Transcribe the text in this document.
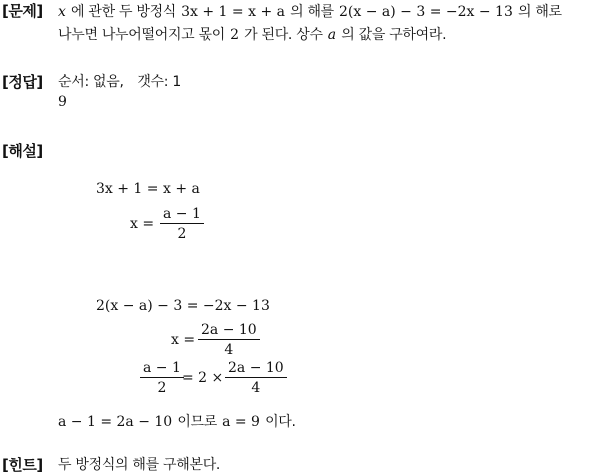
[문제] x 에 관한 두 방정식 3x + 1 = x + a 의 해를 2(x − a) − 3 = −2x − 13 의 해로
나누면 나누어떨어지고 몫이 2 가 된다. 상수 a 의 값을 구하여라.
[정답] 순서: 없음,　갯수: 1
9
[해설]
3x + 1 = x + a
x =
a − 1
2
2(x − a) − 3 = −2x − 13
x =
2a − 10
4
a − 1
2
= 2 ×
2a − 10
4
a − 1 = 2a − 10 이므로 a = 9 이다.
[힌트] 두 방정식의 해를 구해본다.
